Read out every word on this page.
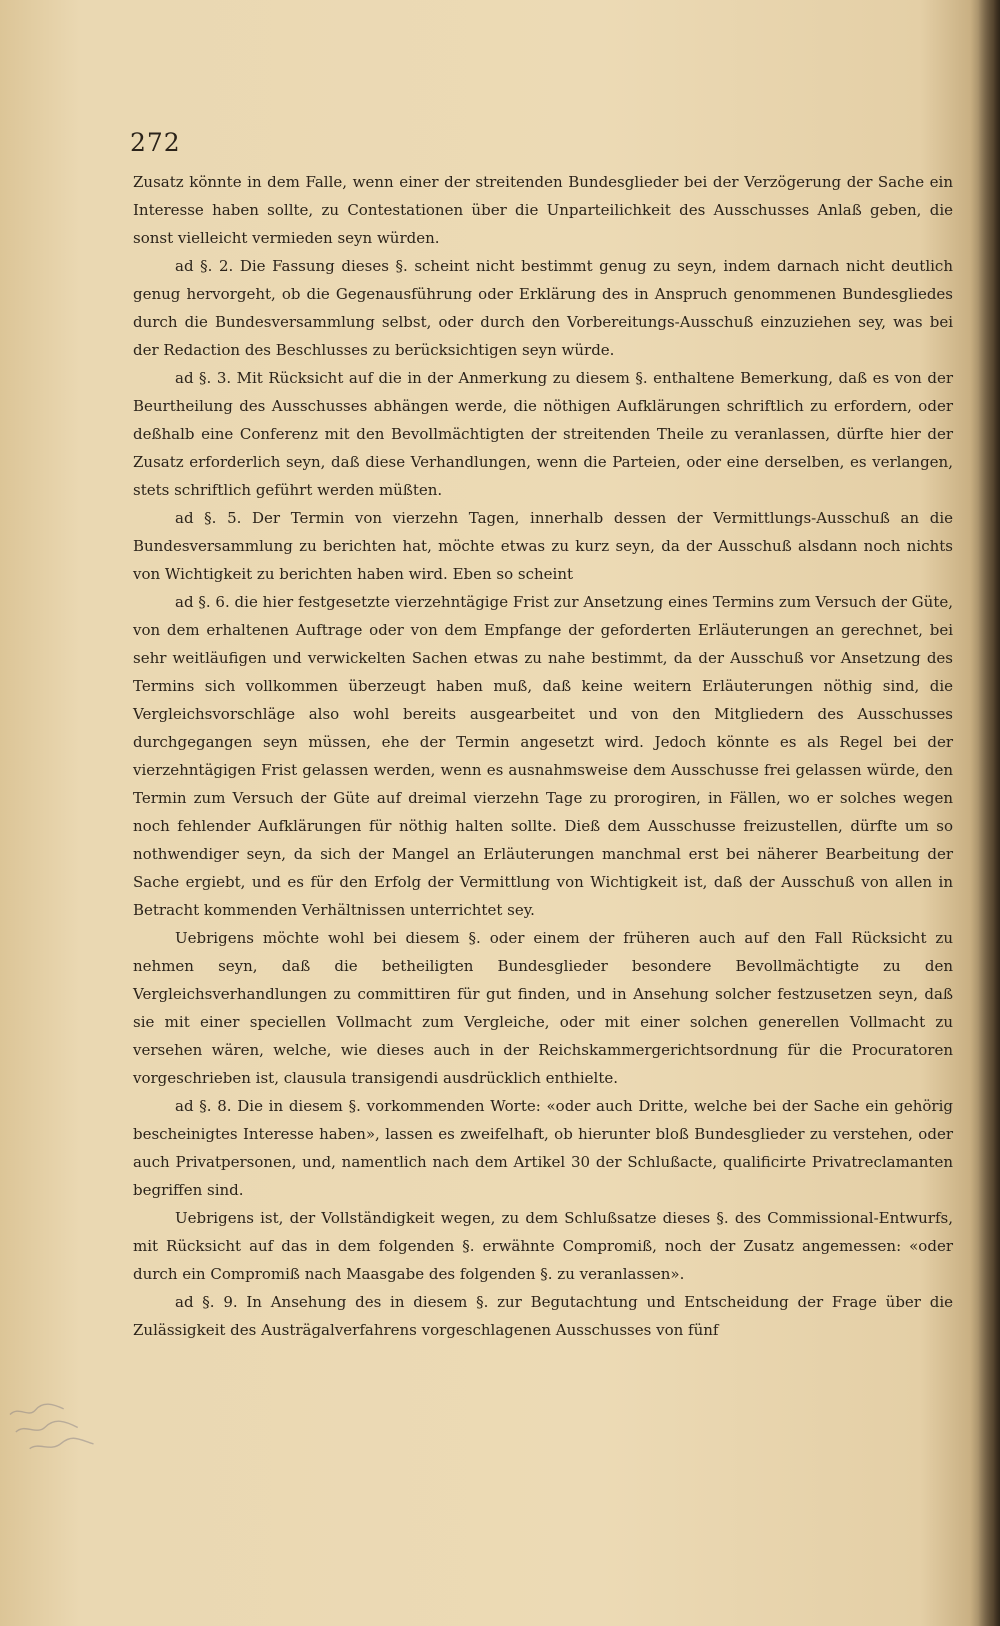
272

Zusatz könnte in dem Falle, wenn einer der streitenden Bundesglieder bei der Verzögerung der Sache ein Interesse haben sollte, zu Contestationen über die Unparteilichkeit des Ausschusses Anlaß geben, die sonst vielleicht vermieden seyn würden.

ad §. 2. Die Fassung dieses §. scheint nicht bestimmt genug zu seyn, indem darnach nicht deutlich genug hervorgeht, ob die Gegenausführung oder Erklärung des in Anspruch genommenen Bundesgliedes durch die Bundesversammlung selbst, oder durch den Vorbereitungs-Ausschuß einzuziehen sey, was bei der Redaction des Beschlusses zu berücksichtigen seyn würde.

ad §. 3. Mit Rücksicht auf die in der Anmerkung zu diesem §. enthaltene Bemerkung, daß es von der Beurtheilung des Ausschusses abhängen werde, die nöthigen Aufklärungen schriftlich zu erfordern, oder deßhalb eine Conferenz mit den Bevollmächtigten der streitenden Theile zu veranlassen, dürfte hier der Zusatz erforderlich seyn, daß diese Verhandlungen, wenn die Parteien, oder eine derselben, es verlangen, stets schriftlich geführt werden müßten.

ad §. 5. Der Termin von vierzehn Tagen, innerhalb dessen der Vermittlungs-Ausschuß an die Bundesversammlung zu berichten hat, möchte etwas zu kurz seyn, da der Ausschuß alsdann noch nichts von Wichtigkeit zu berichten haben wird. Eben so scheint

ad §. 6. die hier festgesetzte vierzehntägige Frist zur Ansetzung eines Termins zum Versuch der Güte, von dem erhaltenen Auftrage oder von dem Empfange der geforderten Erläuterungen an gerechnet, bei sehr weitläufigen und verwickelten Sachen etwas zu nahe bestimmt, da der Ausschuß vor Ansetzung des Termins sich vollkommen überzeugt haben muß, daß keine weitern Erläuterungen nöthig sind, die Vergleichsvorschläge also wohl bereits ausgearbeitet und von den Mitgliedern des Ausschusses durchgegangen seyn müssen, ehe der Termin angesetzt wird. Jedoch könnte es als Regel bei der vierzehntägigen Frist gelassen werden, wenn es ausnahmsweise dem Ausschusse frei gelassen würde, den Termin zum Versuch der Güte auf dreimal vierzehn Tage zu prorogiren, in Fällen, wo er solches wegen noch fehlender Aufklärungen für nöthig halten sollte. Dieß dem Ausschusse freizustellen, dürfte um so nothwendiger seyn, da sich der Mangel an Erläuterungen manchmal erst bei näherer Bearbeitung der Sache ergiebt, und es für den Erfolg der Vermittlung von Wichtigkeit ist, daß der Ausschuß von allen in Betracht kommenden Verhältnissen unterrichtet sey.

Uebrigens möchte wohl bei diesem §. oder einem der früheren auch auf den Fall Rücksicht zu nehmen seyn, daß die betheiligten Bundesglieder besondere Bevollmächtigte zu den Vergleichsverhandlungen zu committiren für gut finden, und in Ansehung solcher festzusetzen seyn, daß sie mit einer speciellen Vollmacht zum Vergleiche, oder mit einer solchen generellen Vollmacht zu versehen wären, welche, wie dieses auch in der Reichskammergerichtsordnung für die Procuratoren vorgeschrieben ist, clausula transigendi ausdrücklich enthielte.

ad §. 8. Die in diesem §. vorkommenden Worte: «oder auch Dritte, welche bei der Sache ein gehörig bescheinigtes Interesse haben», lassen es zweifelhaft, ob hierunter bloß Bundesglieder zu verstehen, oder auch Privatpersonen, und, namentlich nach dem Artikel 30 der Schlußacte, qualificirte Privatreclamanten begriffen sind.

Uebrigens ist, der Vollständigkeit wegen, zu dem Schlußsatze dieses §. des Commissional-Entwurfs, mit Rücksicht auf das in dem folgenden §. erwähnte Compromiß, noch der Zusatz angemessen: «oder durch ein Compromiß nach Maasgabe des folgenden §. zu veranlassen».

ad §. 9. In Ansehung des in diesem §. zur Begutachtung und Entscheidung der Frage über die Zulässigkeit des Austrägalverfahrens vorgeschlagenen Ausschusses von fünf
